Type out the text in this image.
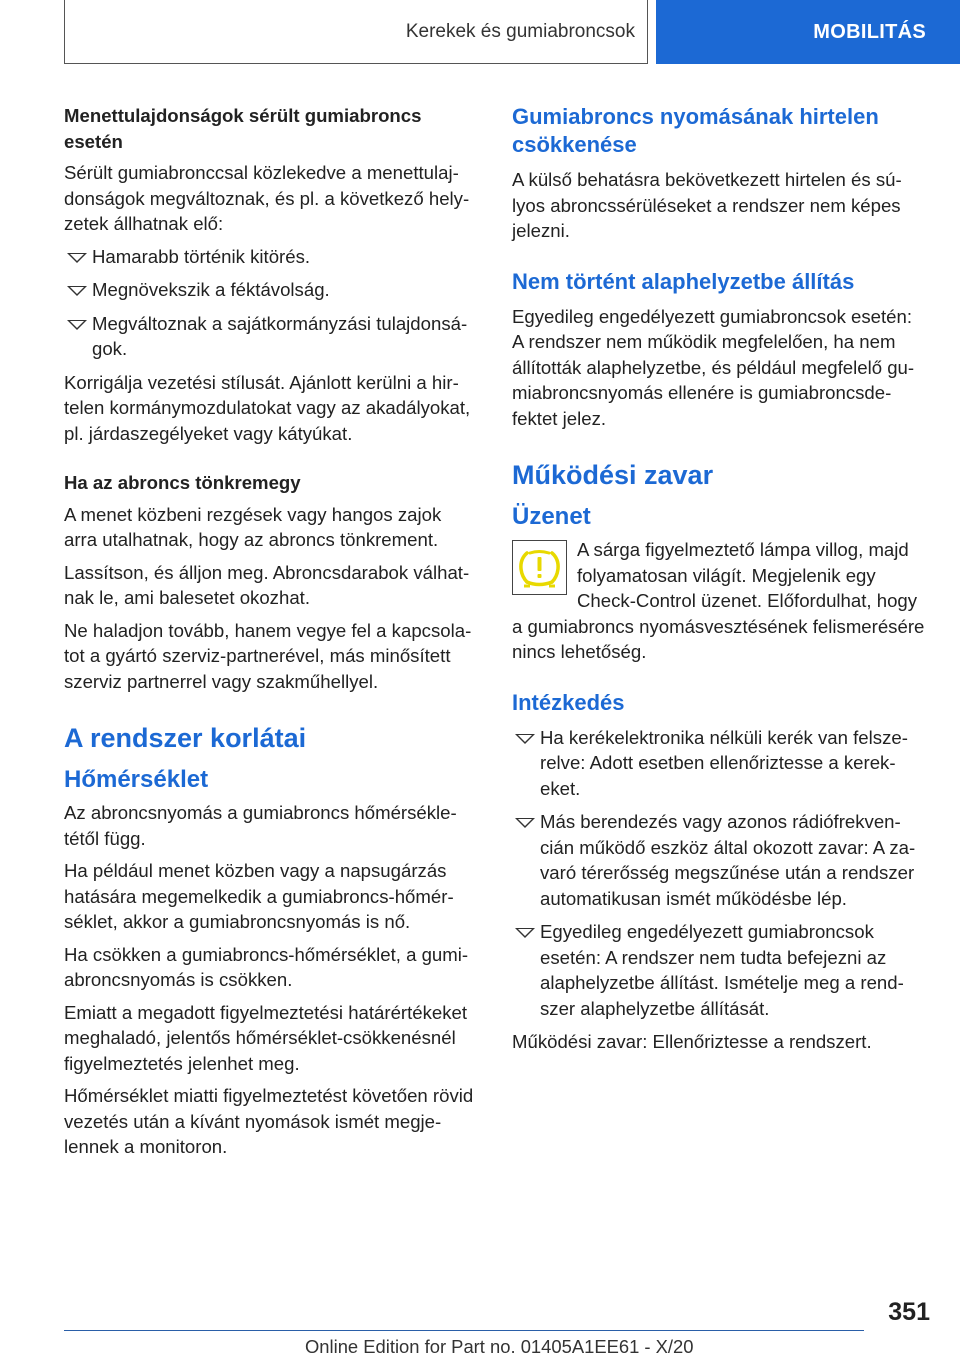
Kerekek és gumiabroncsok	MOBILITÁS
Menettulajdonságok sérült gumiabroncs esetén

Sérült gumiabronccsal közlekedve a menettulajdonságok megváltoznak, és pl. a következő helyzetek állhatnak elő:

Hamarabb történik kitörés.
Megnövekszik a féktávolság.
Megváltoznak a sajátkormányzási tulajdonságok.

Korrigálja vezetési stílusát. Ajánlott kerülni a hirtelen kormánymozdulatokat vagy az akadályokat, pl. járdaszegélyeket vagy kátyúkat.

Ha az abroncs tönkremegy

A menet közbeni rezgések vagy hangos zajok arra utalhatnak, hogy az abroncs tönkrement.

Lassítson, és álljon meg. Abroncsdarabok válhatnak le, ami balesetet okozhat.

Ne haladjon tovább, hanem vegye fel a kapcsolatot a gyártó szerviz-partnerével, más minősített szerviz partnerrel vagy szakműhellyel.

A rendszer korlátai
Hőmérséklet

Az abroncsnyomás a gumiabroncs hőmérsékletétől függ.

Ha például menet közben vagy a napsugárzás hatására megemelkedik a gumiabroncs-hőmérséklet, akkor a gumiabroncsnyomás is nő.

Ha csökken a gumiabroncs-hőmérséklet, a gumiabroncsnyomás is csökken.

Emiatt a megadott figyelmeztetési határértékeket meghaladó, jelentős hőmérséklet-csökkenésnél figyelmeztetés jelenhet meg.

Hőmérséklet miatti figyelmeztetést követően rövid vezetés után a kívánt nyomások ismét megjelennek a monitoron.

Gumiabroncs nyomásának hirtelen csökkenése

A külső behatásra bekövetkezett hirtelen és súlyos abroncssérüléseket a rendszer nem képes jelezni.

Nem történt alaphelyzetbe állítás

Egyedileg engedélyezett gumiabroncsok esetén: A rendszer nem működik megfelelően, ha nem állították alaphelyzetbe, és például megfelelő gumiabroncsnyomás ellenére is gumiabroncsdefektet jelez.

Működési zavar
Üzenet

A sárga figyelmeztető lámpa villog, majd folyamatosan világít. Megjelenik egy Check-Control üzenet. Előfordulhat, hogy a gumiabroncs nyomásvesztésének felismerésére nincs lehetőség.

Intézkedés
Ha kerékelektronika nélküli kerék van felszerelve: Adott esetben ellenőriztesse a kerekeket.
Más berendezés vagy azonos rádiófrekvencián működő eszköz által okozott zavar: A zavaró térerősség megszűnése után a rendszer automatikusan ismét működésbe lép.
Egyedileg engedélyezett gumiabroncsok esetén: A rendszer nem tudta befejezni az alaphelyzetbe állítást. Ismételje meg a rendszer alaphelyzetbe állítását.

Működési zavar: Ellenőriztesse a rendszert.

351
Online Edition for Part no. 01405A1EE61 - X/20
